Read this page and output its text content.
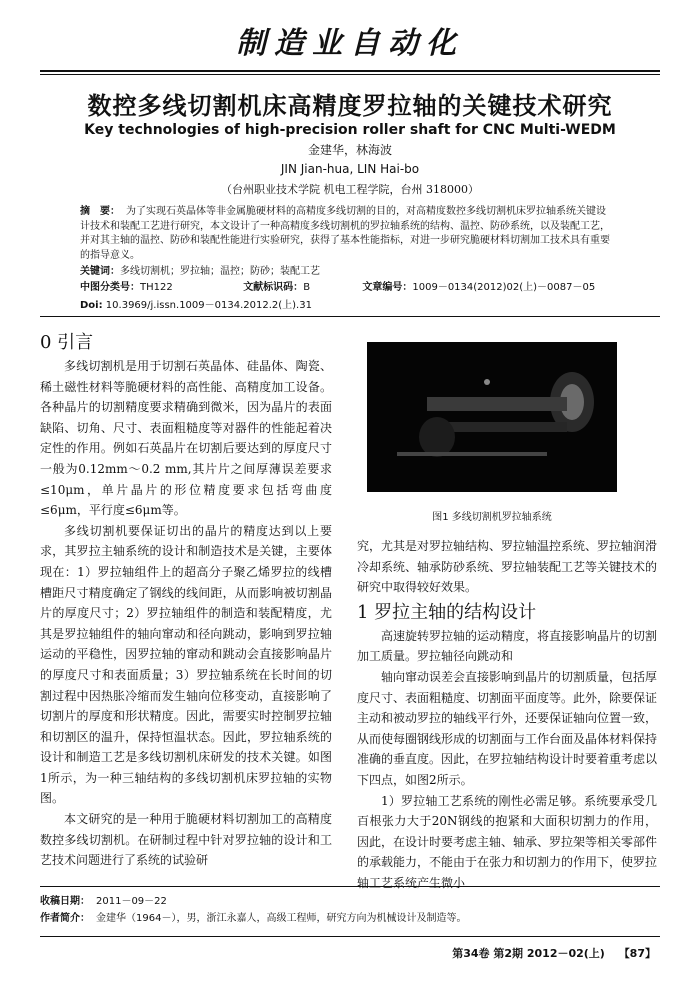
制造业自动化
数控多线切割机床高精度罗拉轴的关键技术研究
Key technologies of high-precision roller shaft for CNC Multi-WEDM
金建华，林海波
JIN Jian-hua, LIN Hai-bo
（台州职业技术学院 机电工程学院，台州 318000）
摘　要： 为了实现石英晶体等非金属脆硬材料的高精度多线切割的目的，对高精度数控多线切割机床罗拉轴系统关键设计技术和装配工艺进行研究，本文设计了一种高精度多线切割机的罗拉轴系统的结构、温控、防砂系统，以及装配工艺，并对其主轴的温控、防砂和装配性能进行实验研究，获得了基本性能指标，对进一步研究脆硬材料切割加工技术具有重要的指导意义。
关键词：多线切割机；罗拉轴；温控；防砂；装配工艺
中图分类号：TH122	文献标识码：B	文章编号：1009－0134(2012)02(上)－0087－05
Doi: 10.3969/j.issn.1009－0134.2012.2(上).31
0 引言

多线切割机是用于切割石英晶体、硅晶体、陶瓷、稀土磁性材料等脆硬材料的高性能、高精度加工设备。各种晶片的切割精度要求精确到微米，因为晶片的表面缺陷、切角、尺寸、表面粗糙度等对器件的性能起着决定性的作用。例如石英晶片在切割后要达到的厚度尺寸一般为0.12mm～0.2 mm,其片片之间厚薄误差要求≤10μm，单片晶片的形位精度要求包括弯曲度≤6μm，平行度≤6μm等。

多线切割机要保证切出的晶片的精度达到以上要求，其罗拉主轴系统的设计和制造技术是关键，主要体现在：1）罗拉轴组件上的超高分子聚乙烯罗拉的线槽槽距尺寸精度确定了钢线的线间距，从而影响被切割晶片的厚度尺寸；2）罗拉轴组件的制造和装配精度，尤其是罗拉轴组件的轴向窜动和径向跳动，影响到罗拉轴运动的平稳性，因罗拉轴的窜动和跳动会直接影响晶片的厚度尺寸和表面质量；3）罗拉轴系统在长时间的切割过程中因热胀冷缩而发生轴向位移变动，直接影响了切割片的厚度和形状精度。因此，需要实时控制罗拉轴和切割区的温升，保持恒温状态。因此，罗拉轴系统的设计和制造工艺是多线切割机床研发的技术关键。如图1所示，为一种三轴结构的多线切割机床罗拉轴的实物图。

本文研究的是一种用于脆硬材料切割加工的高精度数控多线切割机。在研制过程中针对罗拉轴的设计和工艺技术问题进行了系统的试验研

图1 多线切割机罗拉轴系统

究，尤其是对罗拉轴结构、罗拉轴温控系统、罗拉轴润滑冷却系统、轴承防砂系统、罗拉轴装配工艺等关键技术的研究中取得较好效果。

1 罗拉主轴的结构设计

高速旋转罗拉轴的运动精度，将直接影响晶片的切割加工质量。罗拉轴径向跳动和

轴向窜动误差会直接影响到晶片的切割质量，包括厚度尺寸、表面粗糙度、切割面平面度等。此外，除要保证主动和被动罗拉的轴线平行外，还要保证轴向位置一致，从而使每圈钢线形成的切割面与工作台面及晶体材料保持准确的垂直度。因此，在罗拉轴结构设计时要着重考虑以下四点，如图2所示。

1）罗拉轴工艺系统的刚性必需足够。系统要承受几百根张力大于20N钢线的抱紧和大面积切割力的作用，因此，在设计时要考虑主轴、轴承、罗拉架等相关零部件的承载能力，不能由于在张力和切割力的作用下，使罗拉轴工艺系统产生微小

收稿日期： 2011－09－22
作者简介： 金建华（1964－），男，浙江永嘉人，高级工程师，研究方向为机械设计及制造等。
第34卷 第2期 2012－02(上) 【87】
